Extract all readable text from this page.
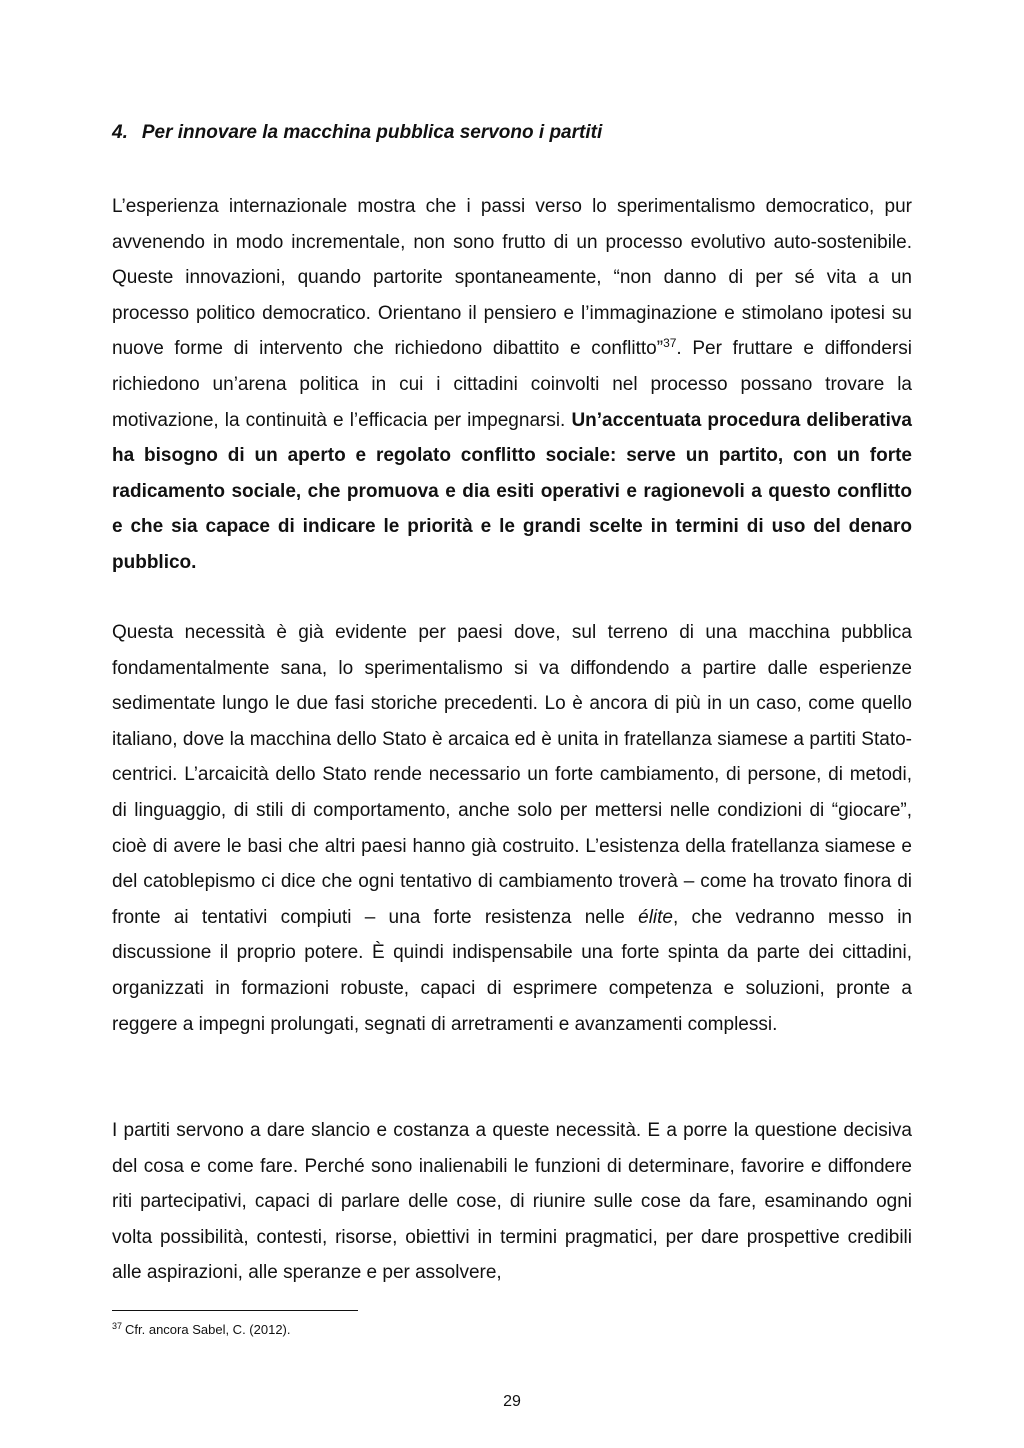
4. Per innovare la macchina pubblica servono i partiti

L’esperienza internazionale mostra che i passi verso lo sperimentalismo democratico, pur avvenendo in modo incrementale, non sono frutto di un processo evolutivo auto-sostenibile. Queste innovazioni, quando partorite spontaneamente, “non danno di per sé vita a un processo politico democratico. Orientano il pensiero e l’immaginazione e stimolano ipotesi su nuove forme di intervento che richiedono dibattito e conflitto”$^{37}$. Per fruttare e diffondersi richiedono un’arena politica in cui i cittadini coinvolti nel processo possano trovare la motivazione, la continuità e l’efficacia per impegnarsi. Un’accentuata procedura deliberativa ha bisogno di un aperto e regolato conflitto sociale: serve un partito, con un forte radicamento sociale, che promuova e dia esiti operativi e ragionevoli a questo conflitto e che sia capace di indicare le priorità e le grandi scelte in termini di uso del denaro pubblico.

Questa necessità è già evidente per paesi dove, sul terreno di una macchina pubblica fondamentalmente sana, lo sperimentalismo si va diffondendo a partire dalle esperienze sedimentate lungo le due fasi storiche precedenti. Lo è ancora di più in un caso, come quello italiano, dove la macchina dello Stato è arcaica ed è unita in fratellanza siamese a partiti Stato-centrici. L’arcaicità dello Stato rende necessario un forte cambiamento, di persone, di metodi, di linguaggio, di stili di comportamento, anche solo per mettersi nelle condizioni di “giocare”, cioè di avere le basi che altri paesi hanno già costruito. L’esistenza della fratellanza siamese e del catoblepismo ci dice che ogni tentativo di cambiamento troverà – come ha trovato finora di fronte ai tentativi compiuti – una forte resistenza nelle élite, che vedranno messo in discussione il proprio potere. È quindi indispensabile una forte spinta da parte dei cittadini, organizzati in formazioni robuste, capaci di esprimere competenza e soluzioni, pronte a reggere a impegni prolungati, segnati di arretramenti e avanzamenti complessi.

I partiti servono a dare slancio e costanza a queste necessità. E a porre la questione decisiva del cosa e come fare. Perché sono inalienabili le funzioni di determinare, favorire e diffondere riti partecipativi, capaci di parlare delle cose, di riunire sulle cose da fare, esaminando ogni volta possibilità, contesti, risorse, obiettivi in termini pragmatici, per dare prospettive credibili alle aspirazioni, alle speranze e per assolvere,

$^{37}$ Cfr. ancora Sabel, C. (2012).
29
